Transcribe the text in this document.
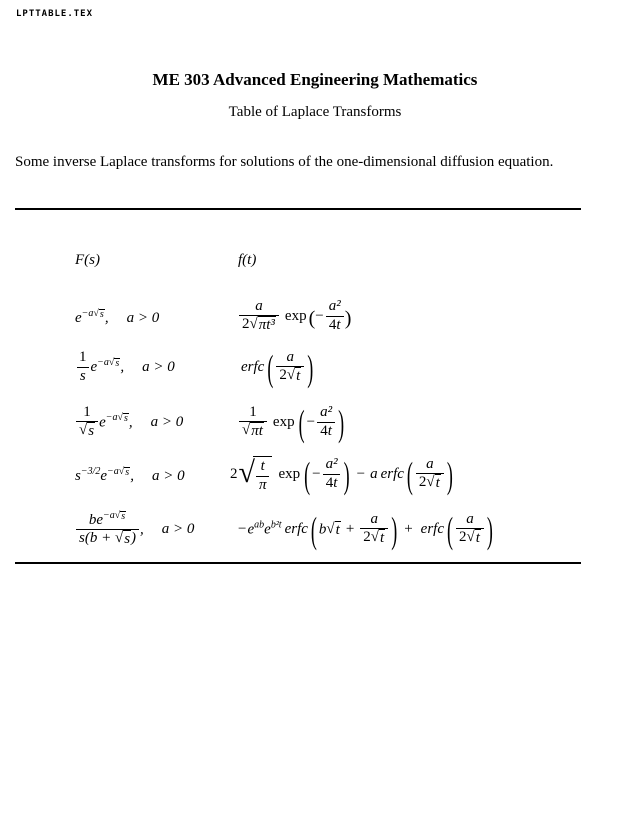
LPTTABLE.TEX
ME 303 Advanced Engineering Mathematics
Table of Laplace Transforms
Some inverse Laplace transforms for solutions of the one-dimensional diffusion equation.
F(s)	f(t)
$e^{-a √ s}$ , a > 0	$\frac{a}{\text{2 √ πt³}}$ exp (− $\frac{\text{a²}}{4t}$ )
$\frac{1}{s} e^{-a √ s}$ , a > 0	erfc ( $\frac{a}{2 √ t}$ )
$\frac{1}{√ s} e^{-a √ s}$ , a > 0	$\frac{1}{√ \pi t}$ exp ( − $\frac{\text{a²}}{4t}$ )
$s^{-3/2}e^{-a √ s}$ , a > 0	2 √ $\frac{t}{\pi}$ exp ( − $\frac{\text{a²}}{4t}$ ) − a erfc ( $\frac{a}{2 √ t}$ )
$\frac{be^{-a √ s}}{s(b + √ s )}$ , a > 0	$-e^{ab}e^{b^2t}$ erfc ( b √ $t + \frac{a}{2 √ t}$ ) + erfc ( $\frac{a}{2 √ t}$ )
